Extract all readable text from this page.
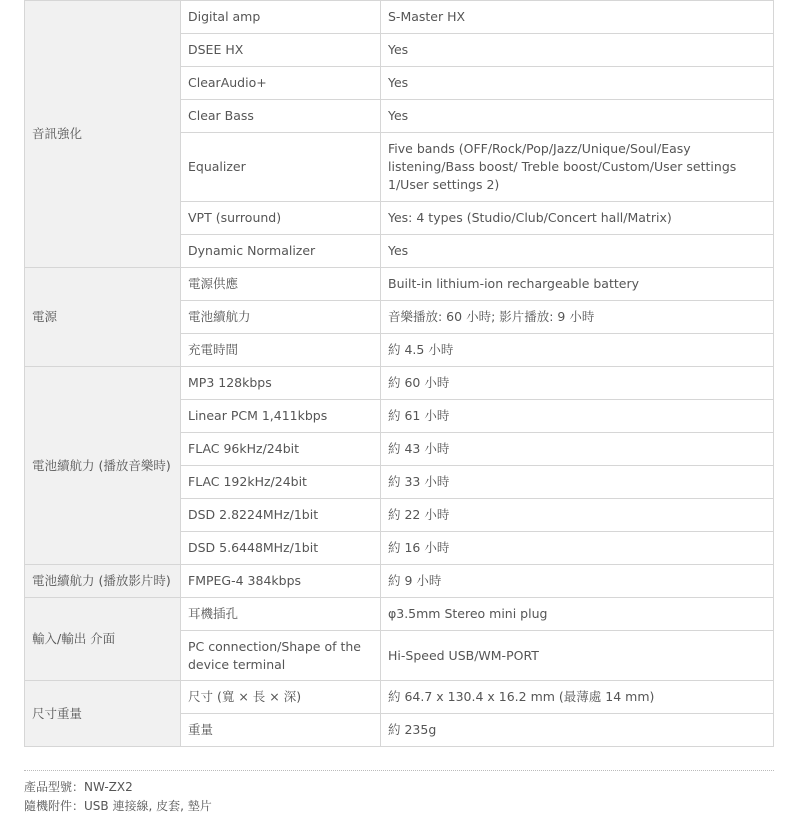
音訊強化	Digital amp	S-Master HX
	DSEE HX	Yes
	ClearAudio+	Yes
	Clear Bass	Yes
	Equalizer	Five bands (OFF/Rock/Pop/Jazz/Unique/Soul/Easy listening/Bass boost/ Treble boost/Custom/User settings 1/User settings 2)
	VPT (surround)	Yes: 4 types (Studio/Club/Concert hall/Matrix)
	Dynamic Normalizer	Yes
電源	電源供應	Built-in lithium-ion rechargeable battery
	電池續航力	音樂播放: 60 小時; 影片播放: 9 小時
	充電時間	約 4.5 小時
電池續航力 (播放音樂時)	MP3 128kbps	約 60 小時
	Linear PCM 1,411kbps	約 61 小時
	FLAC 96kHz/24bit	約 43 小時
	FLAC 192kHz/24bit	約 33 小時
	DSD 2.8224MHz/1bit	約 22 小時
	DSD 5.6448MHz/1bit	約 16 小時
電池續航力 (播放影片時)	FMPEG-4 384kbps	約 9 小時
輸入/輸出 介面	耳機插孔	φ3.5mm Stereo mini plug
	PC connection/Shape of the device terminal	Hi-Speed USB/WM-PORT
尺寸重量	尺寸 (寬 × 長 × 深)	約 64.7 x 130.4 x 16.2 mm (最薄處 14 mm)
	重量	約 235g
產品型號：NW-ZX2
隨機附件：USB 連接線, 皮套, 墊片
